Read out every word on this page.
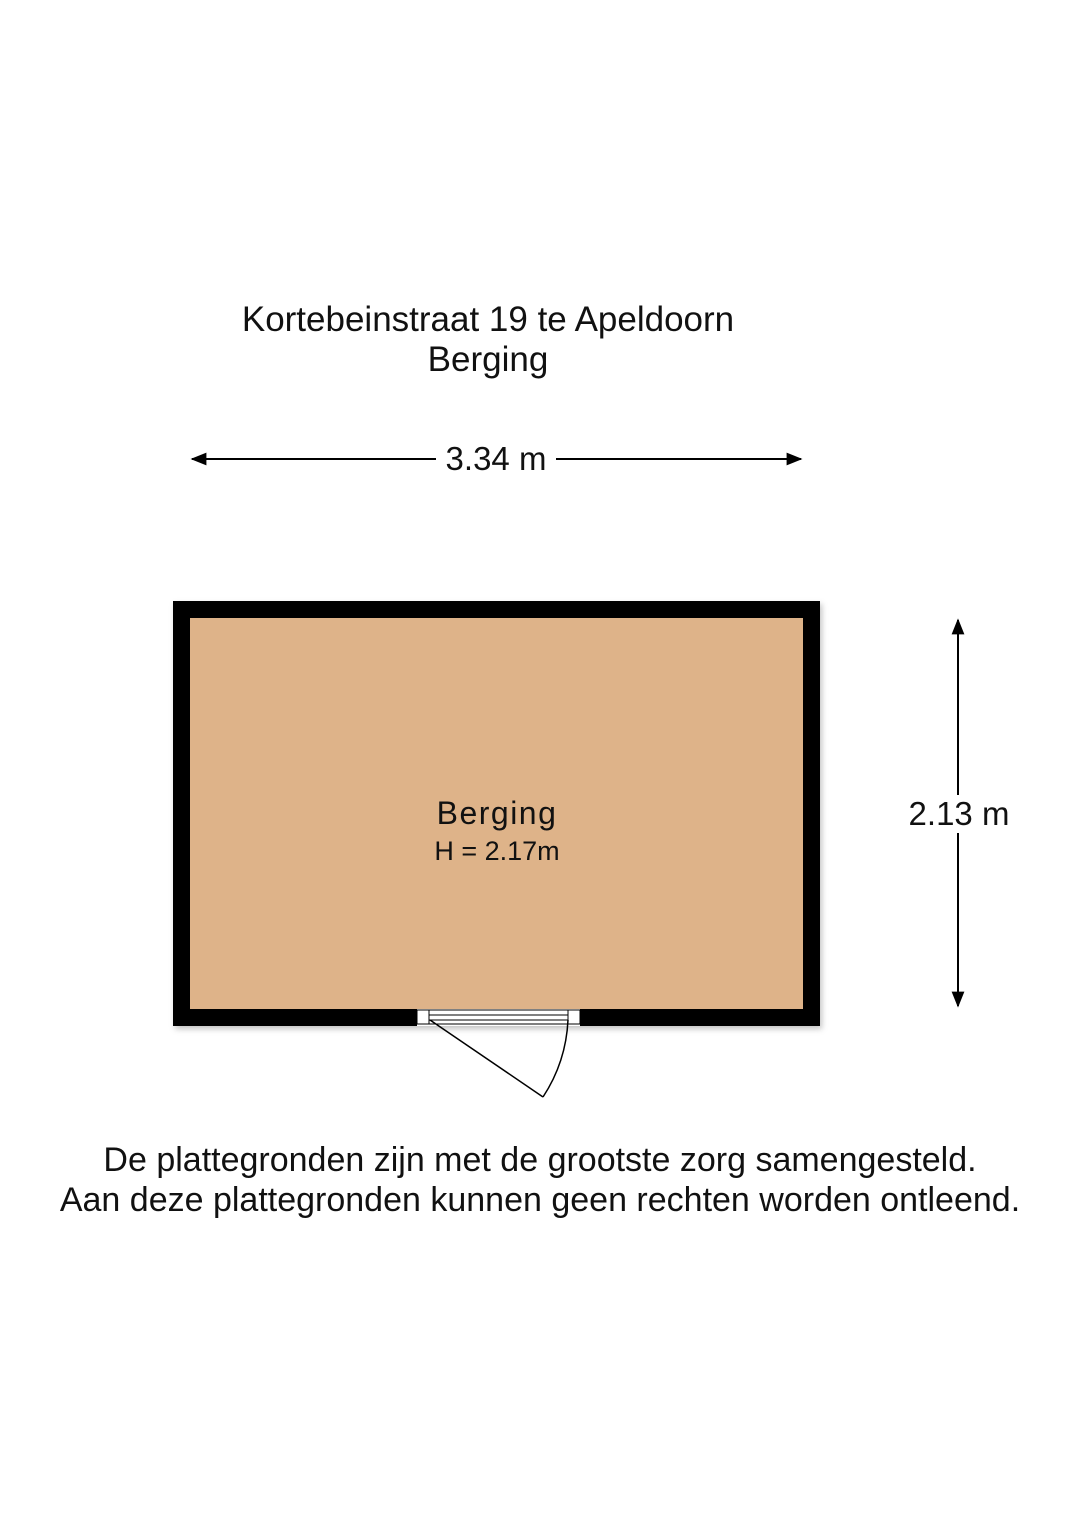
Kortebeinstraat 19 te Apeldoorn
Berging
3.34 m
2.13 m
Berging
H = 2.17m
De plattegronden zijn met de grootste zorg samengesteld.
Aan deze plattegronden kunnen geen rechten worden ontleend.
